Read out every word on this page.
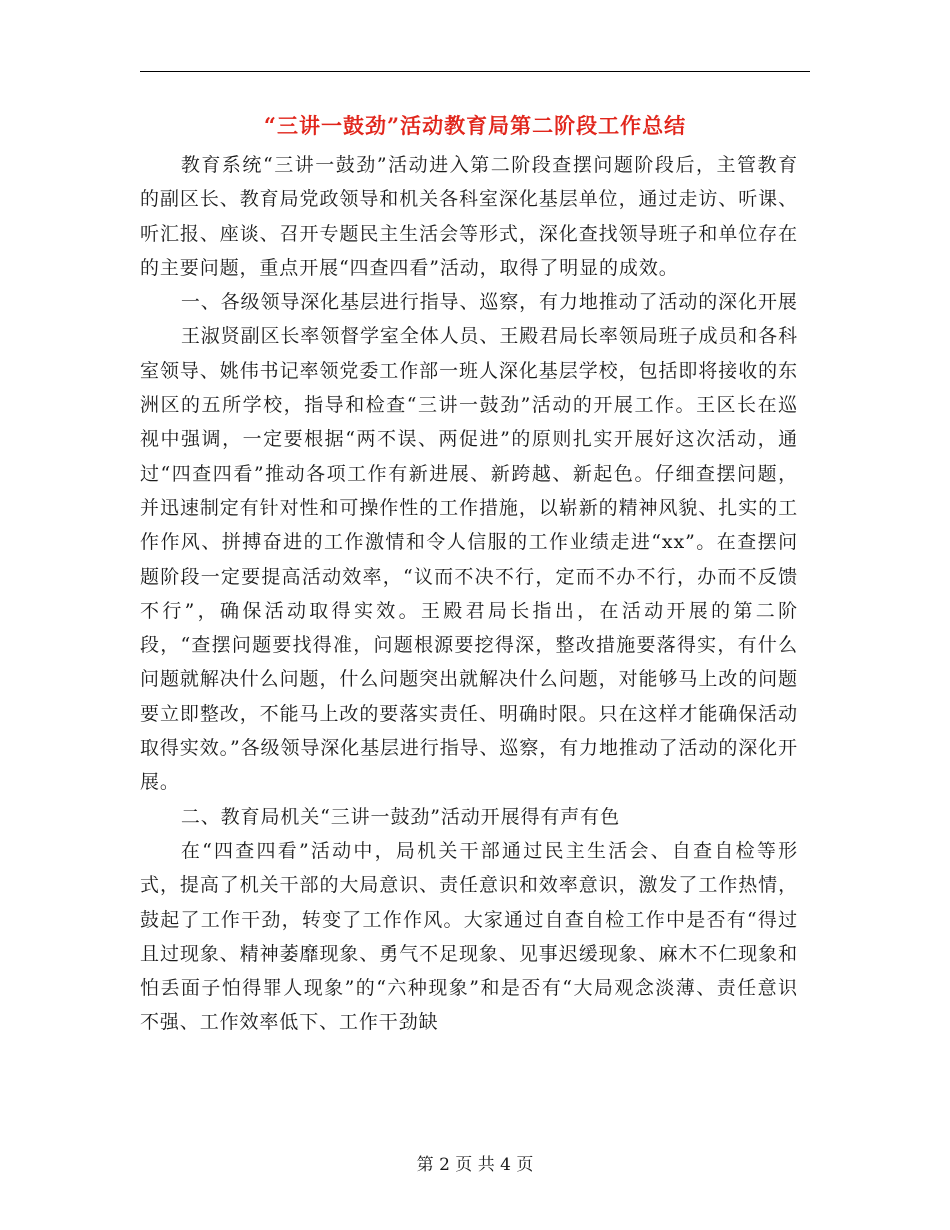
“三讲一鼓劲”活动教育局第二阶段工作总结

教育系统“三讲一鼓劲”活动进入第二阶段查摆问题阶段后，主管教育的副区长、教育局党政领导和机关各科室深化基层单位，通过走访、听课、听汇报、座谈、召开专题民主生活会等形式，深化查找领导班子和单位存在的主要问题，重点开展“四查四看”活动，取得了明显的成效。

一、各级领导深化基层进行指导、巡察，有力地推动了活动的深化开展

王淑贤副区长率领督学室全体人员、王殿君局长率领局班子成员和各科室领导、姚伟书记率领党委工作部一班人深化基层学校，包括即将接收的东洲区的五所学校，指导和检查“三讲一鼓劲”活动的开展工作。王区长在巡视中强调，一定要根据“两不误、两促进”的原则扎实开展好这次活动，通过“四查四看”推动各项工作有新进展、新跨越、新起色。仔细查摆问题，并迅速制定有针对性和可操作性的工作措施，以崭新的精神风貌、扎实的工作作风、拼搏奋进的工作激情和令人信服的工作业绩走进“xx”。在查摆问题阶段一定要提高活动效率，“议而不决不行，定而不办不行，办而不反馈不行”，确保活动取得实效。王殿君局长指出，在活动开展的第二阶段，“查摆问题要找得准，问题根源要挖得深，整改措施要落得实，有什么问题就解决什么问题，什么问题突出就解决什么问题，对能够马上改的问题要立即整改，不能马上改的要落实责任、明确时限。只在这样才能确保活动取得实效。”各级领导深化基层进行指导、巡察，有力地推动了活动的深化开展。

二、教育局机关“三讲一鼓劲”活动开展得有声有色

在“四查四看”活动中，局机关干部通过民主生活会、自查自检等形式，提高了机关干部的大局意识、责任意识和效率意识，激发了工作热情，鼓起了工作干劲，转变了工作作风。大家通过自查自检工作中是否有“得过且过现象、精神萎靡现象、勇气不足现象、见事迟缓现象、麻木不仁现象和怕丢面子怕得罪人现象”的“六种现象”和是否有“大局观念淡薄、责任意识不强、工作效率低下、工作干劲缺

第 2 页 共 4 页
